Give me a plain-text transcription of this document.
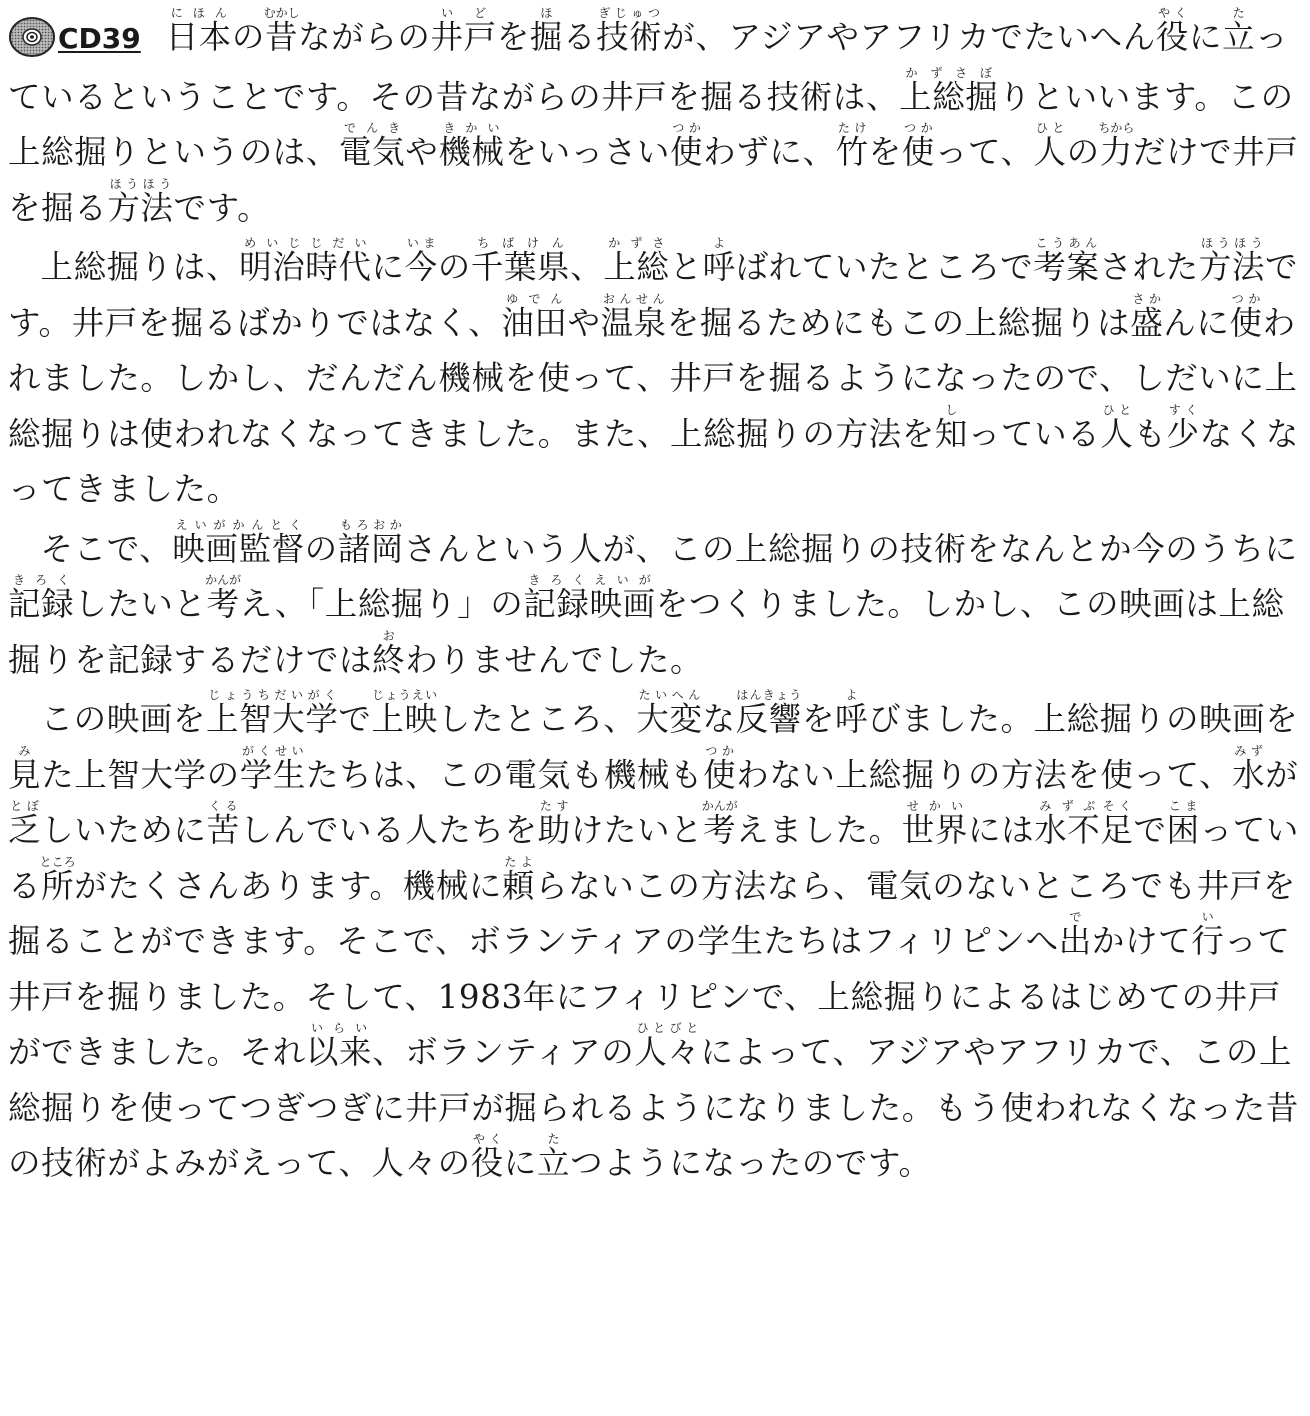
CD39 日本にほんの昔むかしながらの井戸いどを掘ほる技術ぎじゅつが、アジアやアフリカでたいへん役やくに立たっているということです。その昔ながらの井戸を掘る技術は、上総掘かずさぼりといいます。この上総掘りというのは、電気でんきや機械きかいをいっさい使つかわずに、竹たけを使つかって、人ひとの力ちからだけで井戸を掘る方法ほうほうです。
上総掘りは、明治時代めいじじだいに今いまの千葉県ちばけん、上総かずさと呼よばれていたところで考案こうあんされた方ほう法ほうです。井戸を掘るばかりではなく、油田ゆでんや温泉おんせんを掘るためにもこの上総掘りは盛さかんに使つかわれました。しかし、だんだん機械を使って、井戸を掘るようになったので、しだいに上総掘りは使われなくなってきました。また、上総掘りの方法を知しっている人ひとも少すくなくなってきました。
そこで、映画監督えいがかんとくの諸岡もろおかさんという人が、この上総掘りの技術をなんとか今のうちに記録きろくしたいと考かんがえ、「上総掘り」の記録映画きろくえいがをつくりました。しかし、この映画は上総掘りを記録するだけでは終おわりませんでした。
この映画を上智大学じょうちだいがくで上映じょうえいしたところ、大変たいへんな反響はんきょうを呼よびました。上総掘りの映画を見みた上智大学の学生がくせいたちは、この電気も機械も使つかわない上総掘りの方法を使って、水みずが乏とぼしいために苦くるしんでいる人たちを助たすけたいと考かんがえました。世界せかいには水不みずぶ足そくで困こまっている所ところがたくさんあります。機械に頼たよらないこの方法なら、電気のないところでも井戸を掘ることができます。そこで、ボランティアの学生たちはフィリピンへ出でかけて行いって井戸を掘りました。そして、1983年にフィリピンで、上総掘りによるはじめての井戸ができました。それ以来いらい、ボランティアの人々ひとびとによって、アジアやアフリカで、この上総掘りを使ってつぎつぎに井戸が掘られるようになりました。もう使われなくなった昔の技術がよみがえって、人々の役やくに立たつようになったのです。
